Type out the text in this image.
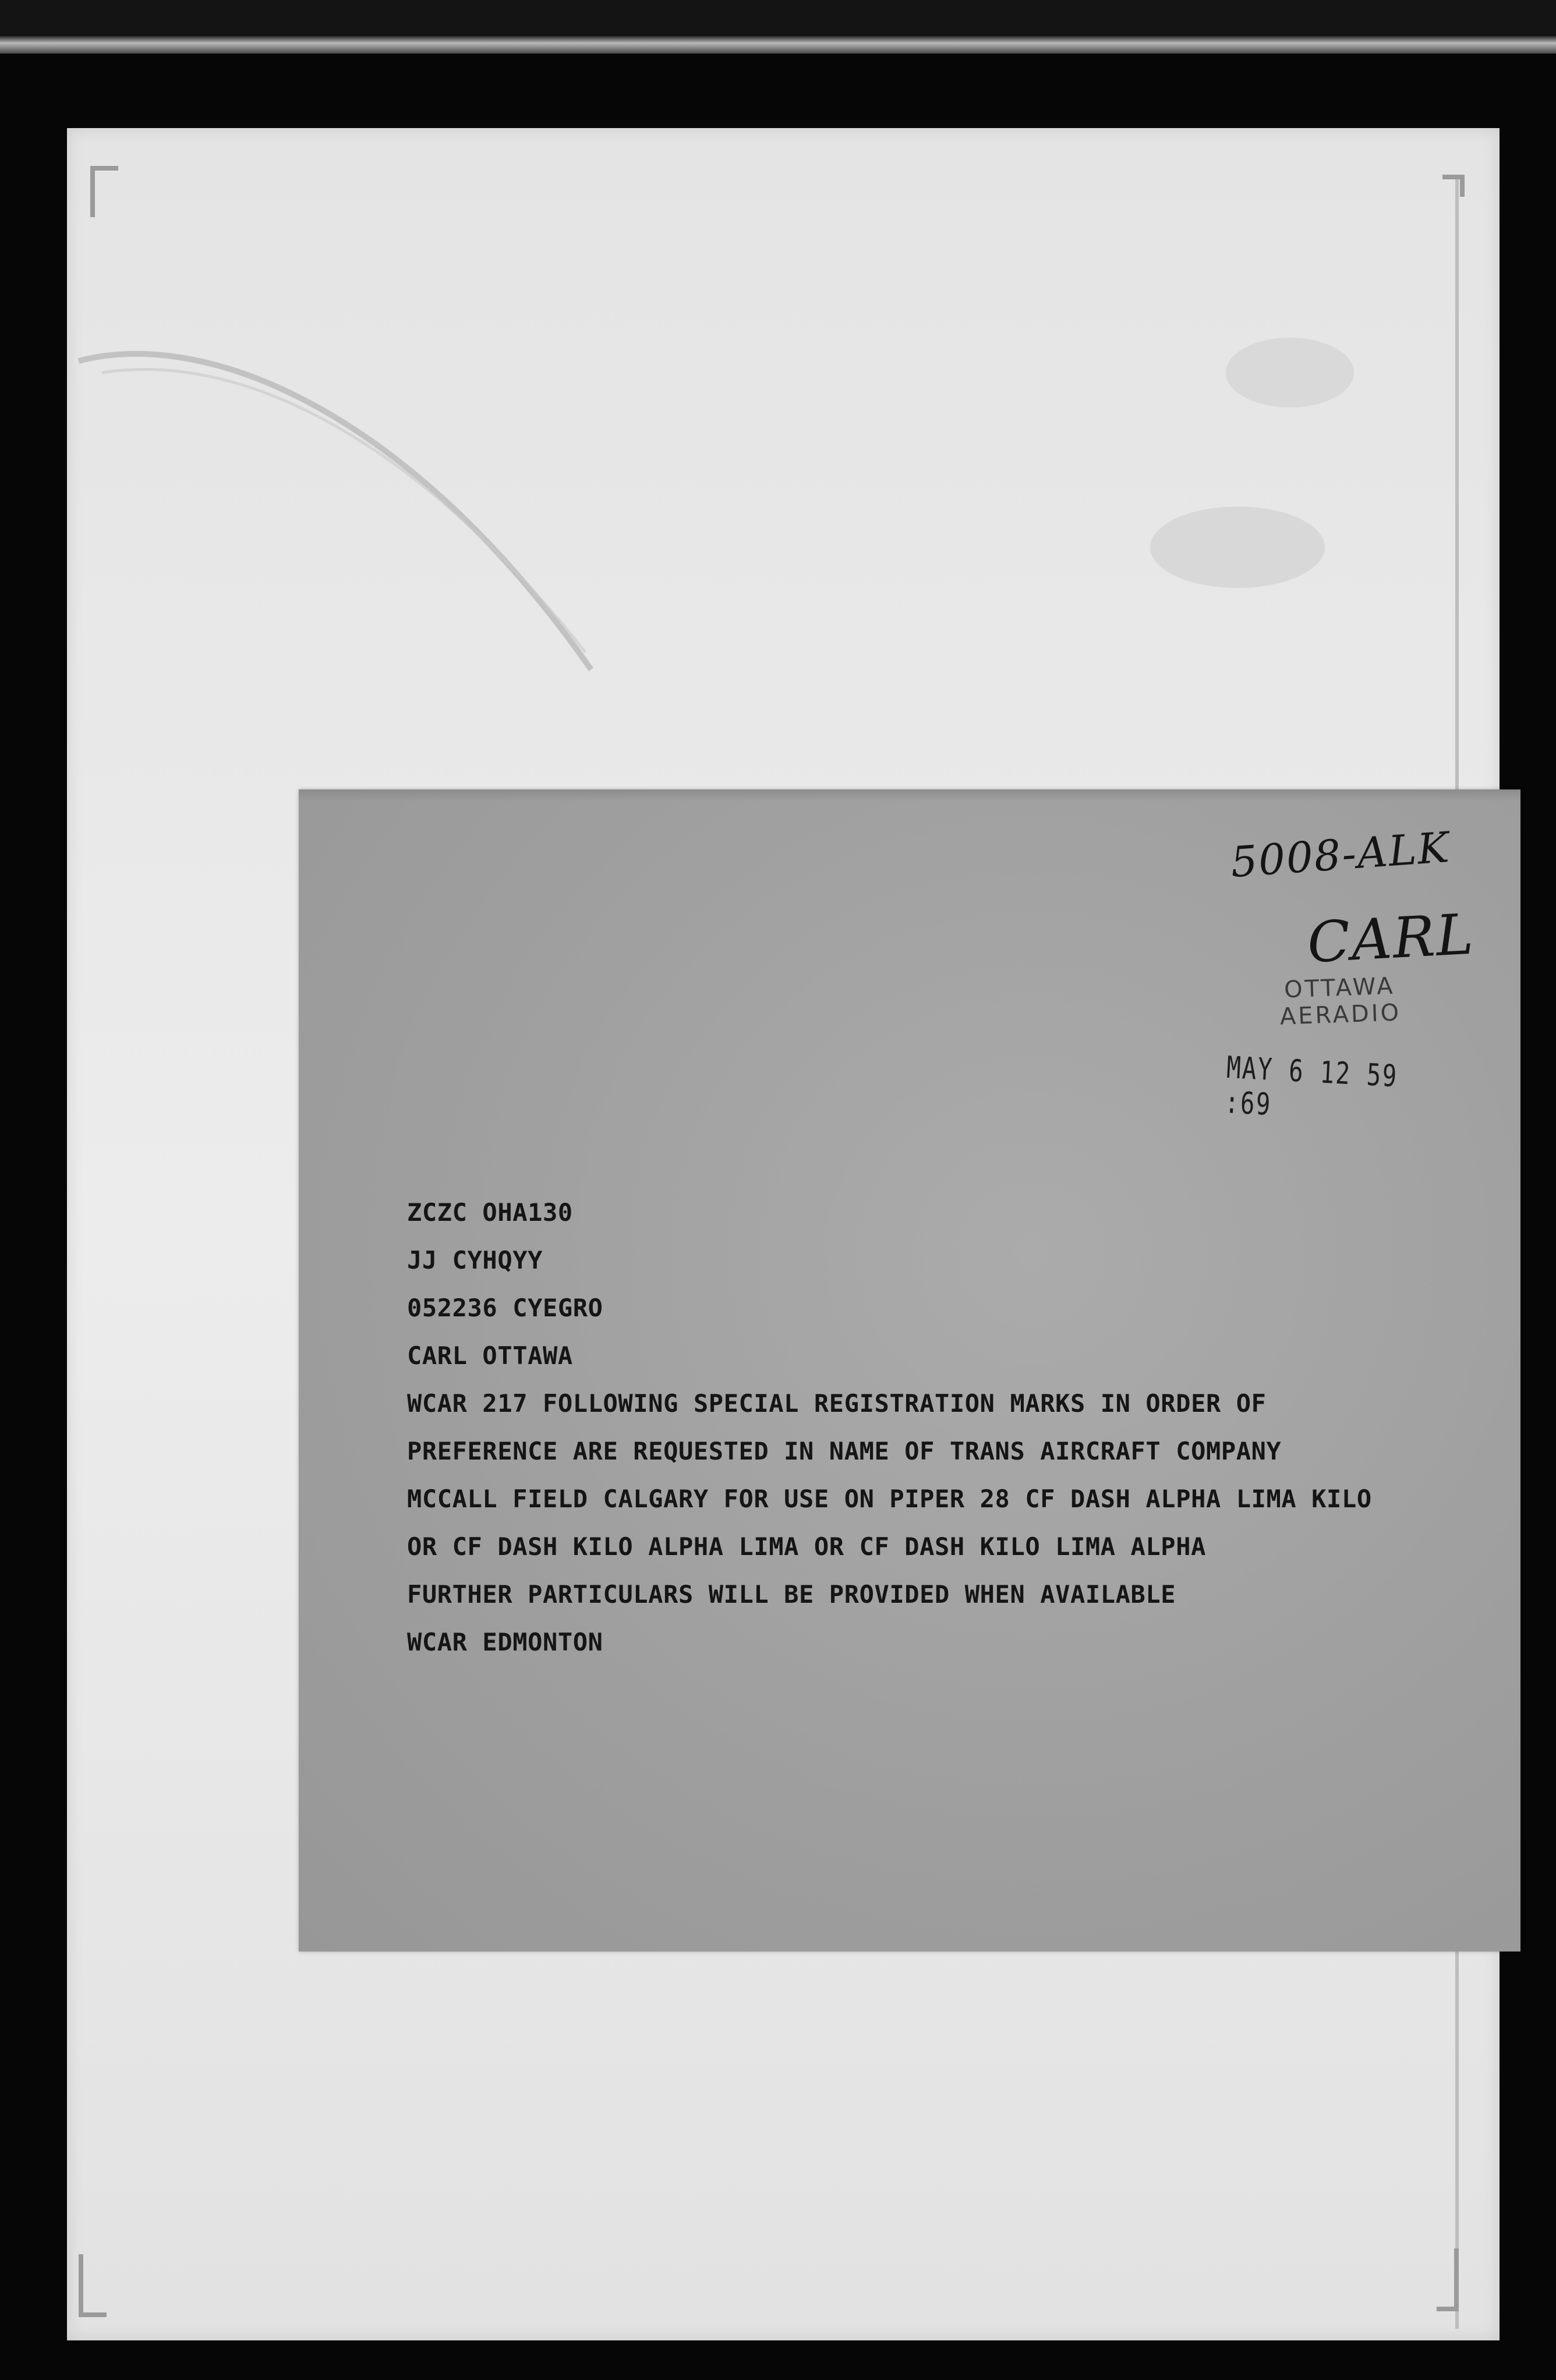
5008-ALK
CARL
OTTAWA
AERADIO
MAY 6 12 59 :69
ZCZC OHA130
JJ CYHQYY
052236 CYEGRO
CARL OTTAWA
WCAR 217 FOLLOWING SPECIAL REGISTRATION MARKS IN ORDER OF
PREFERENCE ARE REQUESTED IN NAME OF TRANS AIRCRAFT COMPANY
MCCALL FIELD CALGARY FOR USE ON PIPER 28 CF DASH ALPHA LIMA KILO
OR CF DASH KILO ALPHA LIMA OR CF DASH KILO LIMA ALPHA
FURTHER PARTICULARS WILL BE PROVIDED WHEN AVAILABLE
WCAR EDMONTON
